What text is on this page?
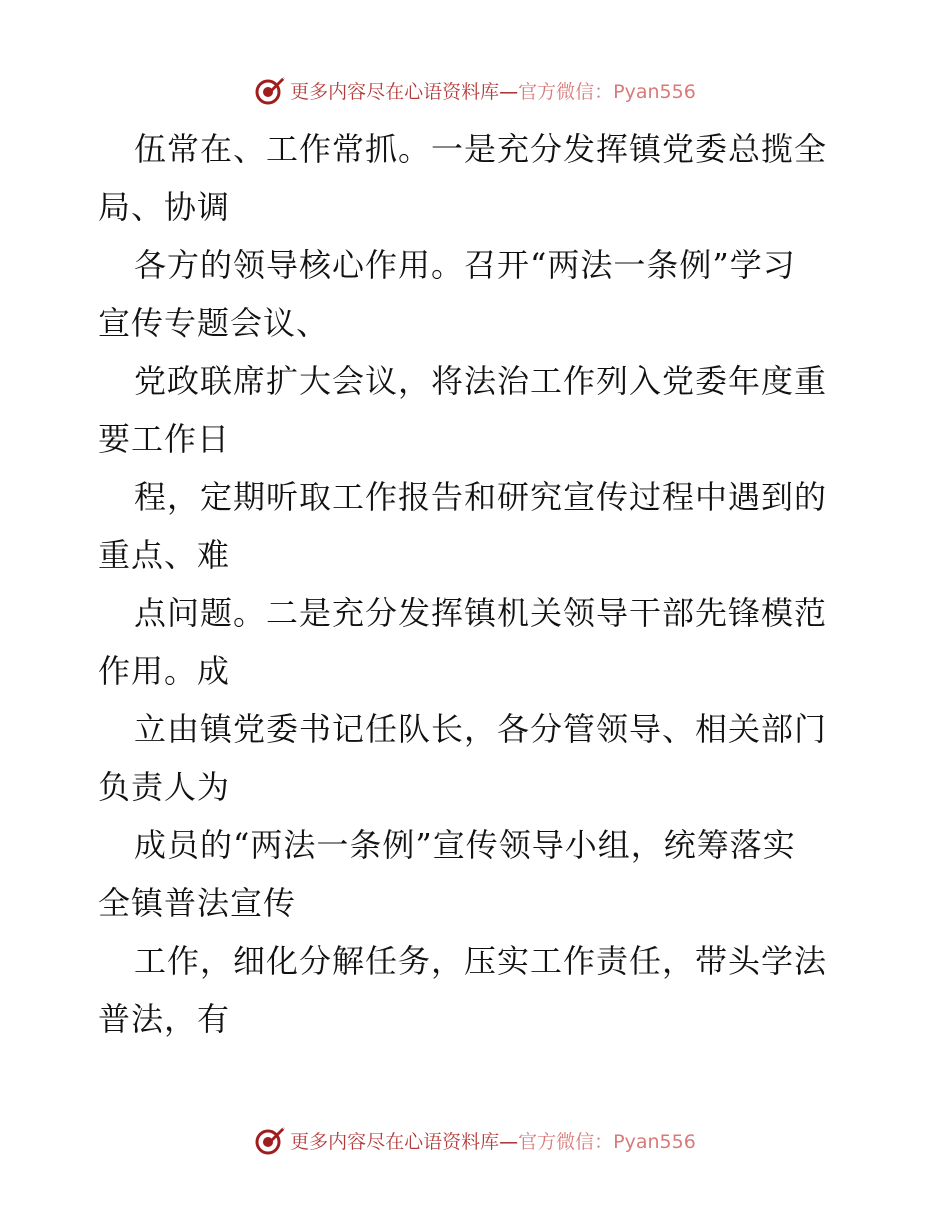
更多内容尽在心语资料库—官方微信：Pyan556
伍常在、工作常抓。一是充分发挥镇党委总揽全
局、协调
各方的领导核心作用。召开“两法一条例”学习
宣传专题会议、
党政联席扩大会议，将法治工作列入党委年度重
要工作日
程，定期听取工作报告和研究宣传过程中遇到的
重点、难
点问题。二是充分发挥镇机关领导干部先锋模范
作用。成
立由镇党委书记任队长，各分管领导、相关部门
负责人为
成员的“两法一条例”宣传领导小组，统筹落实
全镇普法宣传
工作，细化分解任务，压实工作责任，带头学法
普法，有
更多内容尽在心语资料库—官方微信：Pyan556
